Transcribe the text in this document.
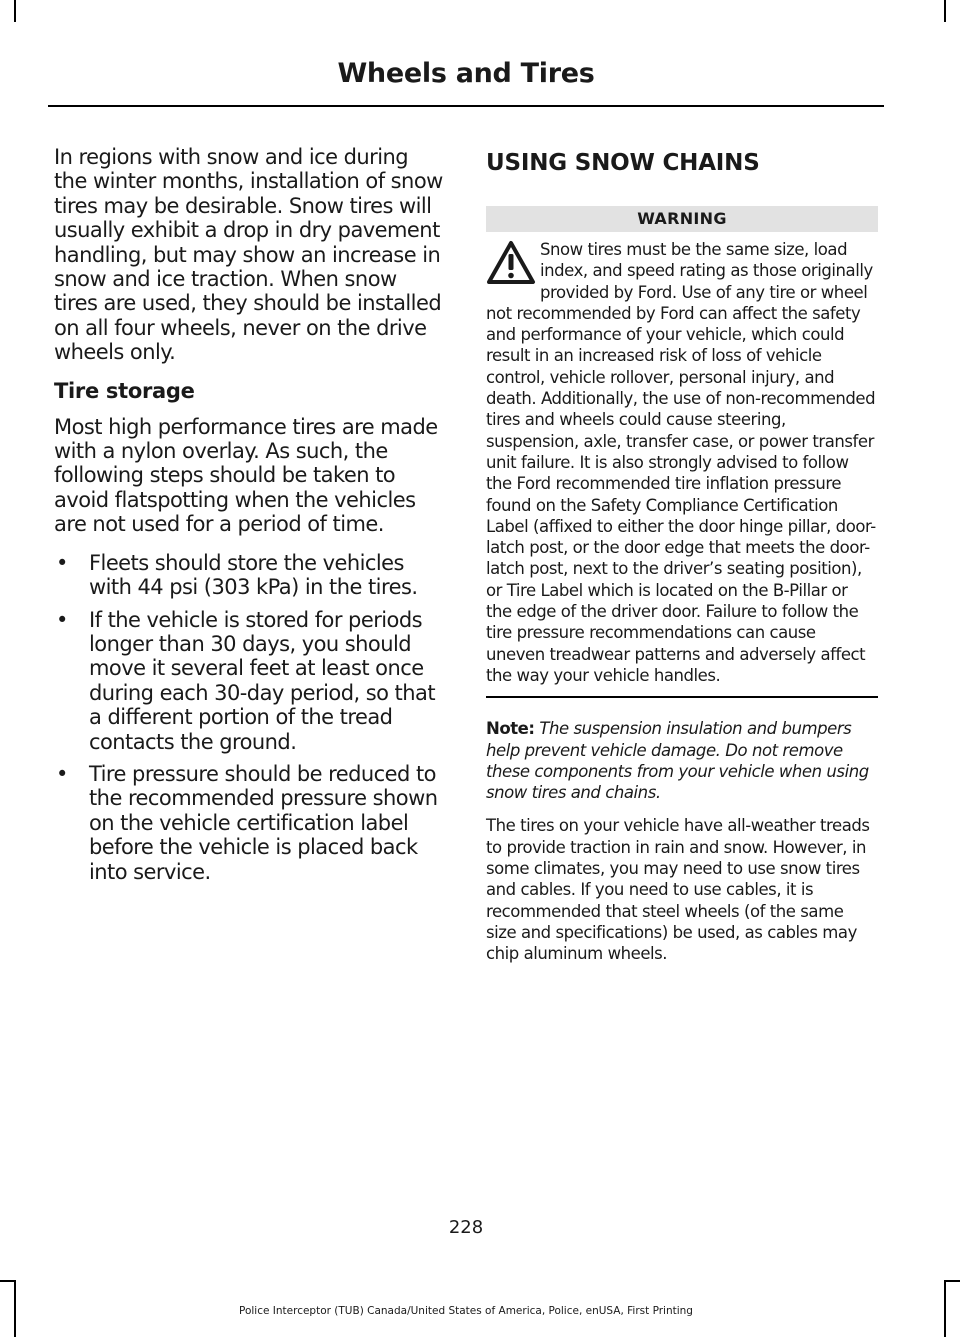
Wheels and Tires

In regions with snow and ice during the winter months, installation of snow tires may be desirable. Snow tires will usually exhibit a drop in dry pavement handling, but may show an increase in snow and ice traction. When snow tires are used, they should be installed on all four wheels, never on the drive wheels only.

Tire storage

Most high performance tires are made with a nylon overlay. As such, the following steps should be taken to avoid flatspotting when the vehicles are not used for a period of time.

• Fleets should store the vehicles with 44 psi (303 kPa) in the tires.
• If the vehicle is stored for periods longer than 30 days, you should move it several feet at least once during each 30-day period, so that a different portion of the tread contacts the ground.
• Tire pressure should be reduced to the recommended pressure shown on the vehicle certification label before the vehicle is placed back into service.
USING SNOW CHAINS
WARNING
Snow tires must be the same size, load index, and speed rating as those originally provided by Ford. Use of any tire or wheel not recommended by Ford can affect the safety and performance of your vehicle, which could result in an increased risk of loss of vehicle control, vehicle rollover, personal injury, and death. Additionally, the use of non-recommended tires and wheels could cause steering, suspension, axle, transfer case, or power transfer unit failure. It is also strongly advised to follow the Ford recommended tire inflation pressure found on the Safety Compliance Certification Label (affixed to either the door hinge pillar, door-latch post, or the door edge that meets the door-latch post, next to the driver’s seating position), or Tire Label which is located on the B-Pillar or the edge of the driver door. Failure to follow the tire pressure recommendations can cause uneven treadwear patterns and adversely affect the way your vehicle handles.

Note: The suspension insulation and bumpers help prevent vehicle damage. Do not remove these components from your vehicle when using snow tires and chains.

The tires on your vehicle have all-weather treads to provide traction in rain and snow. However, in some climates, you may need to use snow tires and cables. If you need to use cables, it is recommended that steel wheels (of the same size and specifications) be used, as cables may chip aluminum wheels.

228
Police Interceptor (TUB) Canada/United States of America, Police, enUSA, First Printing
